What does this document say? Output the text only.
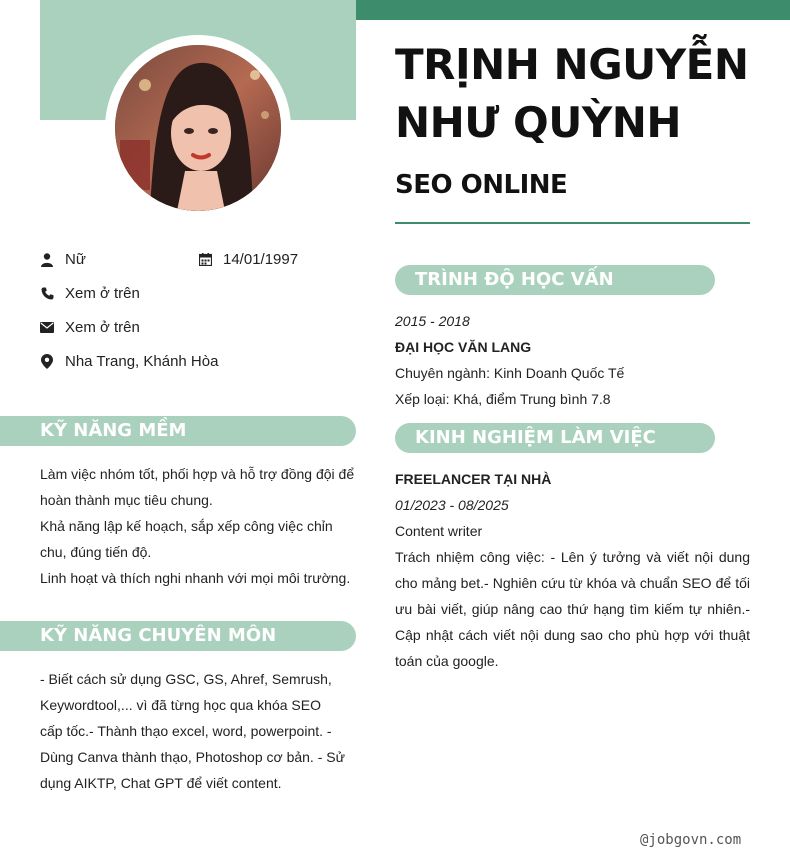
TRỊNH NGUYỄN
NHƯ QUỲNH
SEO ONLINE
Nữ	14/01/1997
Xem ở trên
Xem ở trên
Nha Trang, Khánh Hòa
KỸ NĂNG MỀM

Làm việc nhóm tốt, phối hợp và hỗ trợ đồng đội để hoàn thành mục tiêu chung.

Khả năng lập kế hoạch, sắp xếp công việc chỉn chu, đúng tiến độ.

Linh hoạt và thích nghi nhanh với mọi môi trường.

KỸ NĂNG CHUYÊN MÔN

- Biết cách sử dụng GSC, GS, Ahref, Semrush, Keywordtool,... vì đã từng học qua khóa SEO cấp tốc.- Thành thạo excel, word, powerpoint. - Dùng Canva thành thạo, Photoshop cơ bản. - Sử dụng AIKTP, Chat GPT để viết content.

TRÌNH ĐỘ HỌC VẤN

2015 - 2018

ĐẠI HỌC VĂN LANG

Chuyên ngành: Kinh Doanh Quốc Tế

Xếp loại: Khá, điểm Trung bình 7.8

KINH NGHIỆM LÀM VIỆC

FREELANCER TẠI NHÀ

01/2023 - 08/2025

Content writer

Trách nhiệm công việc: - Lên ý tưởng và viết nội dung cho mảng bet.- Nghiên cứu từ khóa và chuẩn SEO để tối ưu bài viết, giúp nâng cao thứ hạng tìm kiếm tự nhiên.- Cập nhật cách viết nội dung sao cho phù hợp với thuật toán của google.

@jobgovn.com
